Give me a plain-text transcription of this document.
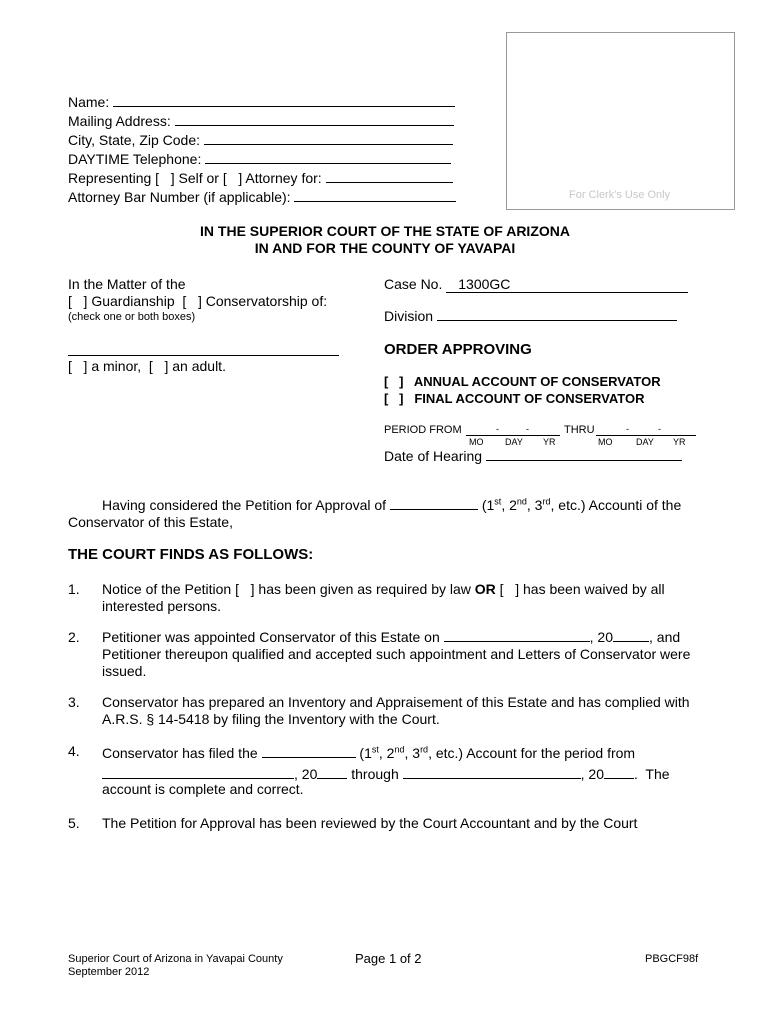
For Clerk's Use Only
Name:
Mailing Address:
City, State, Zip Code:
DAYTIME Telephone:
Representing [   ] Self or [   ] Attorney for:
Attorney Bar Number (if applicable):
IN THE SUPERIOR COURT OF THE STATE OF ARIZONA
IN AND FOR THE COUNTY OF YAVAPAI
In the Matter of the
[   ] Guardianship  [   ] Conservatorship of:
(check one or both boxes)
[   ] a minor,  [   ] an adult.
Case No. 1300GC
Division
ORDER APPROVING
[   ]   ANNUAL ACCOUNT OF CONSERVATOR
[   ]   FINAL ACCOUNT OF CONSERVATOR
PERIOD FROM	-	-	THRU	-	-
MO DAY YR	MO	DAY YR
Date of Hearing
Having considered the Petition for Approval of	(1st, 2nd, 3rd, etc.) Accounti of the
Conservator of this Estate,
THE COURT FINDS AS FOLLOWS:
1. Notice of the Petition [   ] has been given as required by law OR [   ] has been waived by all
interested persons.
2. Petitioner was appointed Conservator of this Estate on	, 20	, and
Petitioner thereupon qualified and accepted such appointment and Letters of Conservator were
issued.
3. Conservator has prepared an Inventory and Appraisement of this Estate and has complied with
A.R.S. § 14-5418 by filing the Inventory with the Court.
4. Conservator has filed the	(1st, 2nd, 3rd, etc.) Account for the period from
, 20 through	, 20 .  The

account is complete and correct.
5. The Petition for Approval has been reviewed by the Court Accountant and by the Court
Superior Court of Arizona in Yavapai County
September 2012
Page 1 of 2	PBGCF98f
